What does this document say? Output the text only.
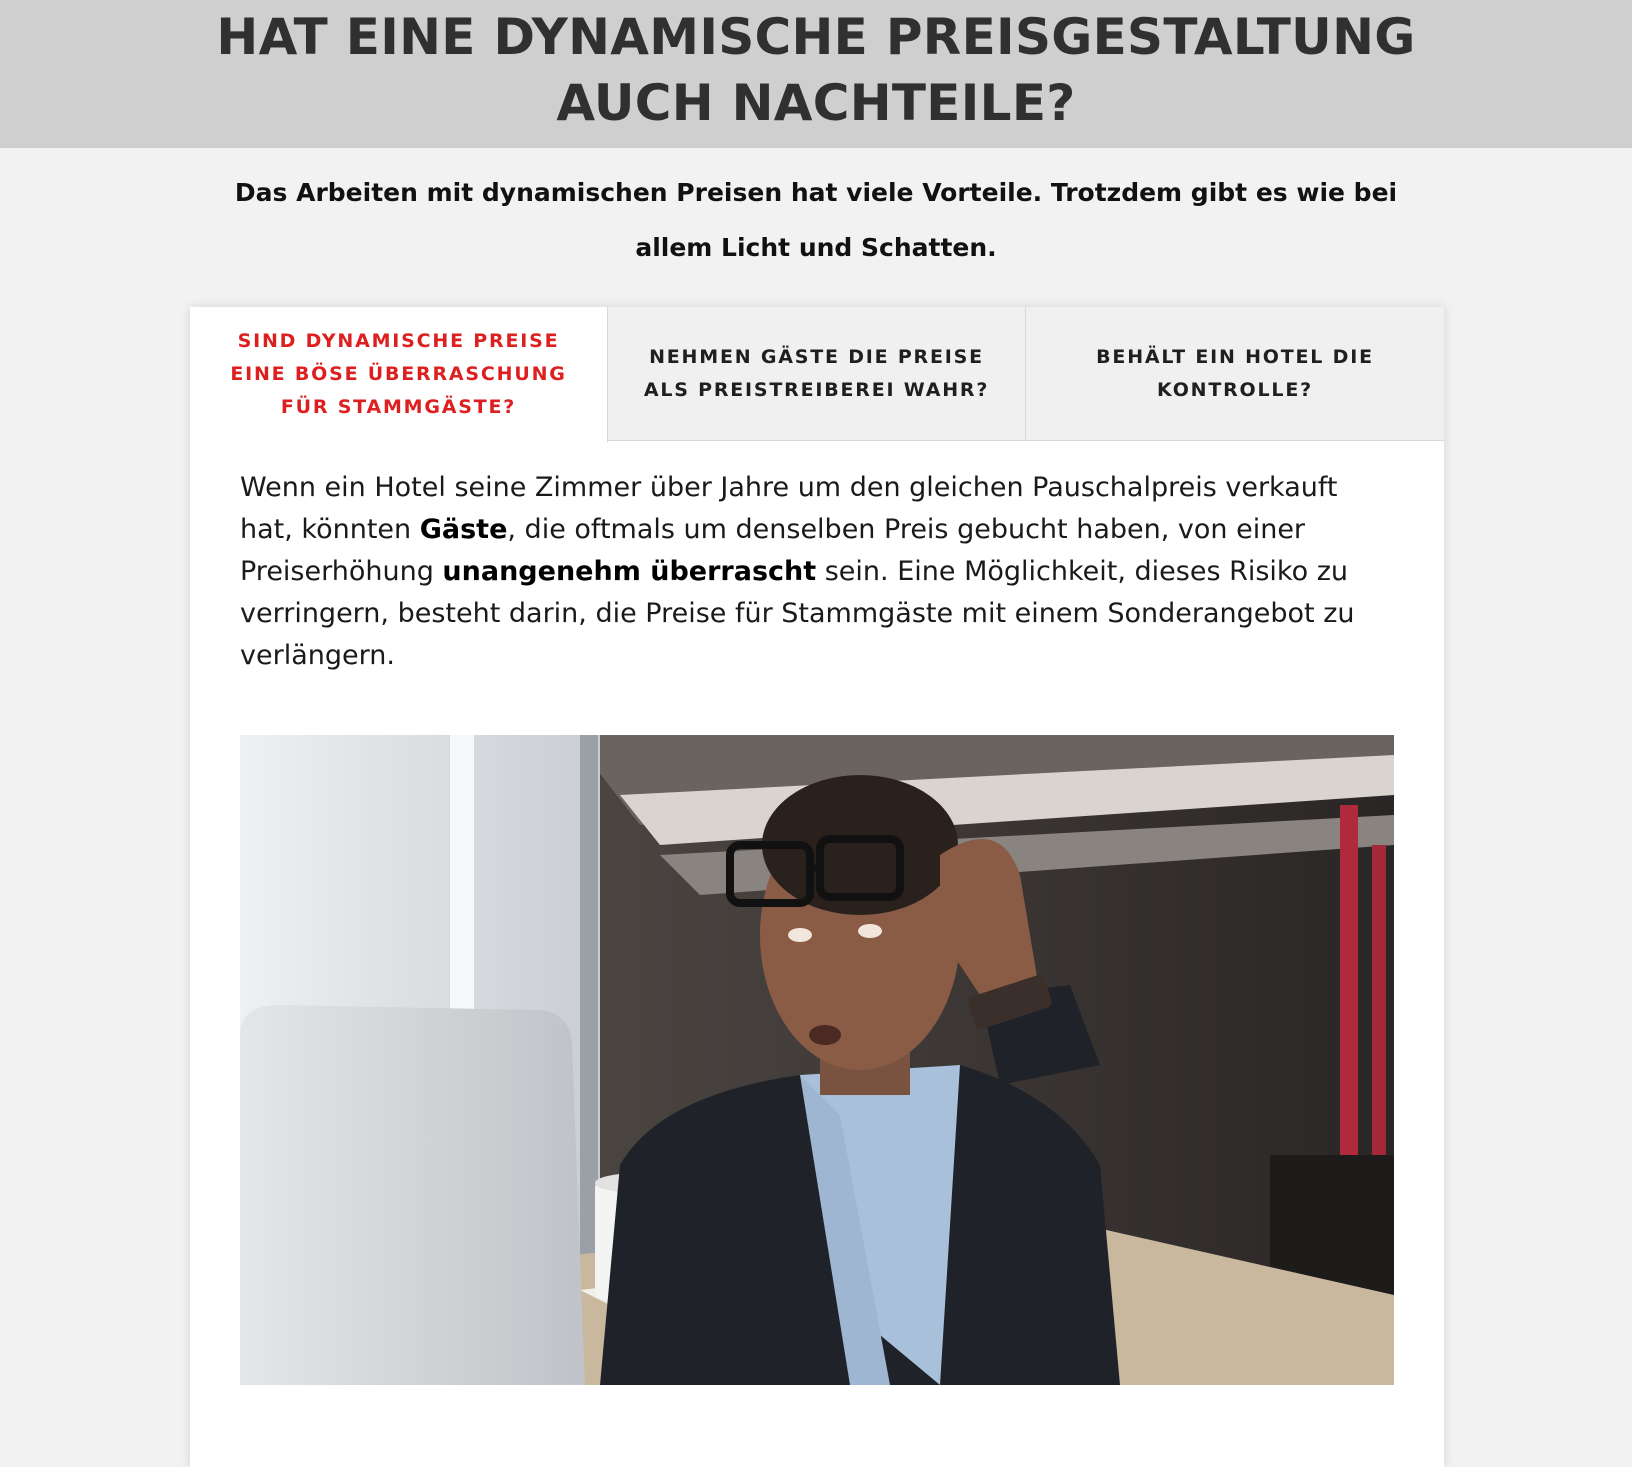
HAT EINE DYNAMISCHE PREISGESTALTUNG
AUCH NACHTEILE?
Das Arbeiten mit dynamischen Preisen hat viele Vorteile. Trotzdem gibt es wie bei
allem Licht und Schatten.
SIND DYNAMISCHE PREISE
EINE BÖSE ÜBERRASCHUNG
FÜR STAMMGÄSTE?
NEHMEN GÄSTE DIE PREISE
ALS PREISTREIBEREI WAHR?
BEHÄLT EIN HOTEL DIE
KONTROLLE?
Wenn ein Hotel seine Zimmer über Jahre um den gleichen Pauschalpreis verkauft
hat, könnten Gäste, die oftmals um denselben Preis gebucht haben, von einer
Preiserhöhung unangenehm überrascht sein. Eine Möglichkeit, dieses Risiko zu
verringern, besteht darin, die Preise für Stammgäste mit einem Sonderangebot zu
verlängern.
